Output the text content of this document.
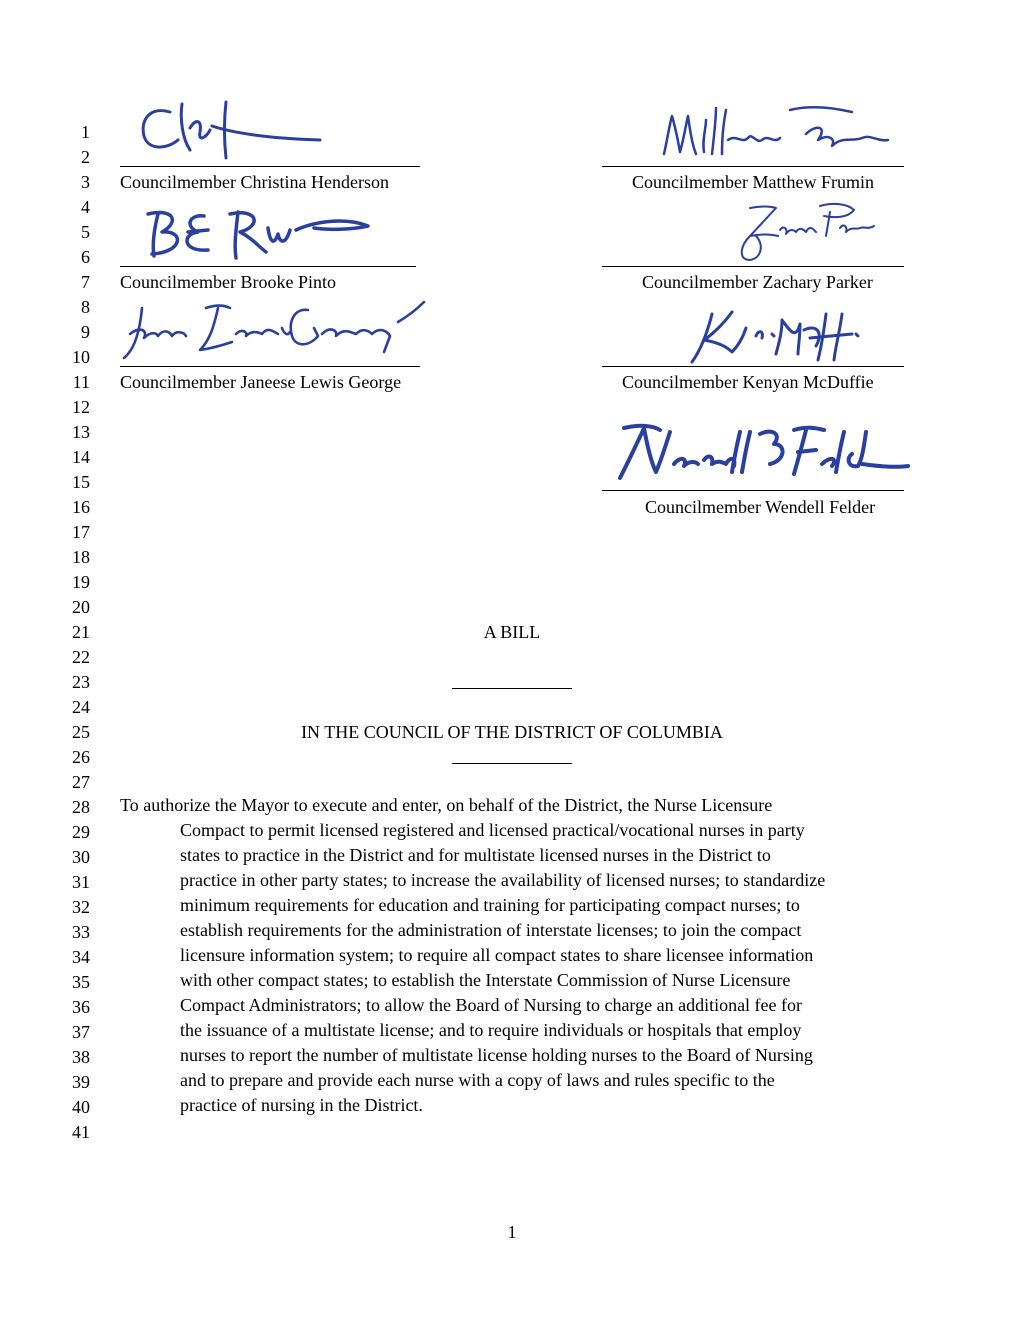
1
2
3
4
5
6
7
8
9
10
11
12
13
14
15
16
17
18
19
20
21
22
23
24
25
26
27
28
29
30
31
32
33
34
35
36
37
38
39
40
41
Councilmember Christina Henderson	Councilmember Matthew Frumin
Councilmember Brooke Pinto	Councilmember Zachary Parker
Councilmember Janeese Lewis George	Councilmember Kenyan McDuffie
Councilmember Wendell Felder
A BILL
IN THE COUNCIL OF THE DISTRICT OF COLUMBIA
To authorize the Mayor to execute and enter, on behalf of the District, the Nurse Licensure
Compact to permit licensed registered and licensed practical/vocational nurses in party
states to practice in the District and for multistate licensed nurses in the District to
practice in other party states; to increase the availability of licensed nurses; to standardize
minimum requirements for education and training for participating compact nurses; to
establish requirements for the administration of interstate licenses; to join the compact
licensure information system; to require all compact states to share licensee information
with other compact states; to establish the Interstate Commission of Nurse Licensure
Compact Administrators; to allow the Board of Nursing to charge an additional fee for
the issuance of a multistate license; and to require individuals or hospitals that employ
nurses to report the number of multistate license holding nurses to the Board of Nursing
and to prepare and provide each nurse with a copy of laws and rules specific to the
practice of nursing in the District.
1
